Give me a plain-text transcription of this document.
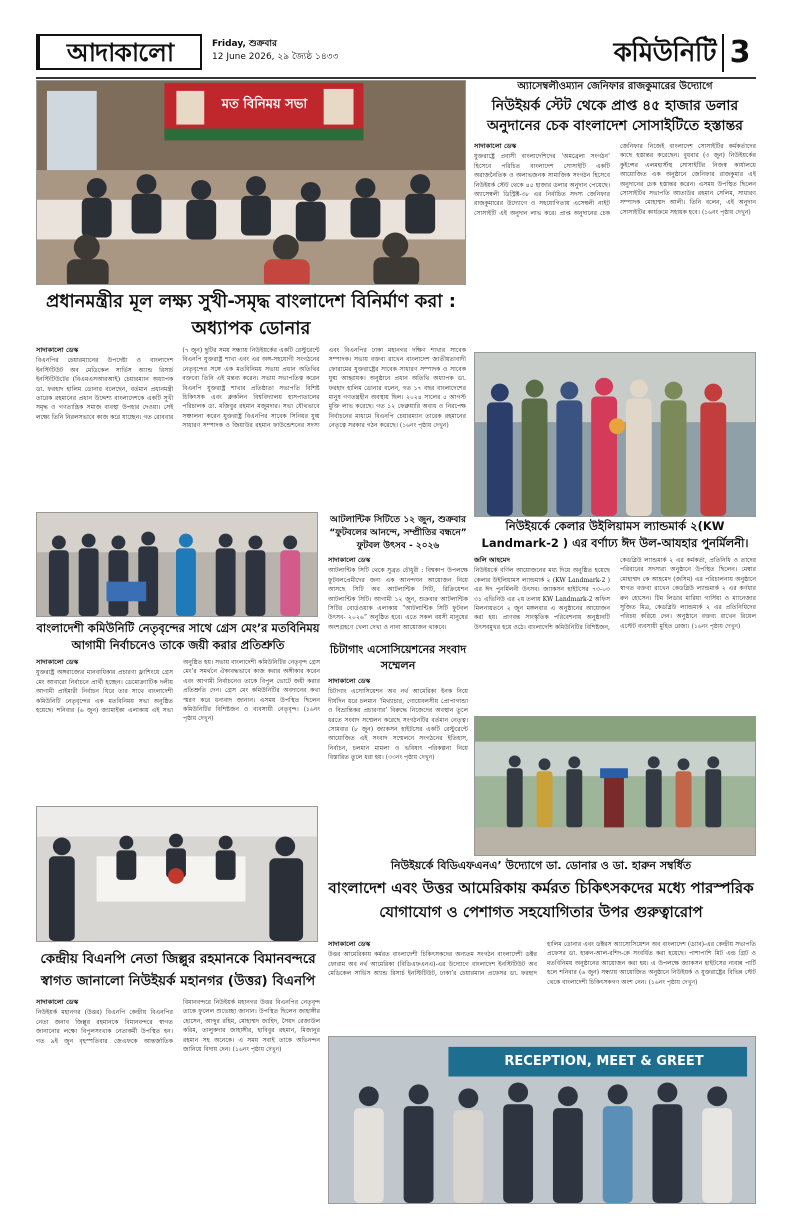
আদাকালো	Friday, শুক্রবার
12 June 2026, ২৯ জ্যৈষ্ঠ ১৪৩৩	কমিউনিটি 3
মত বিনিময় সভা
অ্যাসেম্বলীওম্যান জেনিফার রাজকুমারের উদ্যোগে
নিউইয়র্ক স্টেট থেকে প্রাপ্ত ৪৫ হাজার ডলার অনুদানের চেক বাংলাদেশ সোসাইটিতে হস্তান্তর
সাদাকালো ডেস্ক
যুক্তরাষ্ট্রে প্রবাসী বাংলাদেশিদের ‘অমব্রেলা সংগঠন’ হিসেবে পরিচিত বাংলাদেশ সোসাইটি একটি অরাজনৈতিক ও অলাভজনক সামাজিক সংগঠন হিসেবে নিউইয়র্ক স্টেট থেকে ৪৫ হাজার ডলার অনুদান পেয়েছে। অ্যাসেম্বলী ডিস্ট্রিক্ট-৩৮ এর নির্বাচিত সদস্য জেনিফার রাজকুমারের উদ্যোগে ও সহযোগিতায় এসেম্বলী নাইট সোসাইটি এই অনুদান লাভ করে। প্রাপ্ত অনুদানের চেক জেনিফার নিজেই বাংলাদেশ সোসাইটির কর্মকর্তাদের কাছে হস্তান্তর করেছেন। বুধবার (৩ জুন) নিউইয়র্কের কুইন্সের এলমহার্স্টস্থ সোসাইটির নিজস্ব কার্যালয়ে আয়োজিত এক অনুষ্ঠানে জেনিফার রাজকুমার এই অনুদানের চেক হস্তান্তর করেন। এসময় উপস্থিত ছিলেন সোসাইটির সভাপতি আতাউর রহমান সেলিম, সাধারণ সম্পাদক মোহাম্মদ আলী। তিনি বলেন, এই অনুদান সোসাইটির কার্যক্রমে সহায়ক হবে। (১৬নং পৃষ্ঠায় দেখুন)
প্রধানমন্ত্রীর মূল লক্ষ্য সুখী-সমৃদ্ধ বাংলাদেশ বিনির্মাণ করা : অধ্যাপক ডোনার
সাদাকালো ডেস্ক
বিএনপির চেয়ারম্যানের উপদেষ্টা ও বাংলাদেশ ইনস্টিটিউট অব মেডিকেল সার্ভিস অ্যান্ড রিসার্চ ইনস্টিটিউটের (বিএমএসআরআই) চেয়ারম্যান অধ্যাপক ডা. ফরহাদ হালিম ডোনার বলেছেন, বর্তমান প্রধানমন্ত্রী তারেক রহমানের প্রধান উদ্দেশ্য বাংলাদেশকে একটি সুখী সমৃদ্ধ ও গণতান্ত্রিক সমাজ ব্যবস্থা উপহার দেওয়া। সেই লক্ষ্যে তিনি নিরলসভাবে কাজ করে যাচ্ছেন। গত রোববার (৭ জুন) ছুটির সময় সন্ধ্যায় নিউইয়র্কের একটি রেস্টুরেন্টে বিএনপি যুক্তরাষ্ট্র শাখা এবং এর অঙ্গ-সহযোগী সংগঠনের নেতৃবৃন্দের সঙ্গে এক মতবিনিময় সভায় প্রধান অতিথির বক্তব্যে তিনি এই মন্তব্য করেন। সভায় সভাপতিত্ব করেন বিএনপি যুক্তরাষ্ট্র শাখার প্রতিষ্ঠাতা সভাপতি বিশিষ্ট চিকিৎসক এবং ব্রুকলিন বিশ্ববিদ্যালয় হাসপাতালের পরিচালক ডা. মজিবুর রহমান মজুমদার। সভা যৌথভাবে সঞ্চালনা করেন যুক্তরাষ্ট্র বিএনপির সাবেক সিনিয়র যুগ্ম সাধারণ সম্পাদক ও জিয়াউর রহমান ফাউন্ডেশনের সদস্য এবং বিএনপির ঢাকা মহানগর দক্ষিণ শাখার সাবেক সম্পাদক। সভায় বক্তব্য রাখেন বাংলাদেশ জাতীয়তাবাদী ফোরামের যুক্তরাষ্ট্রের সাবেক সাধারণ সম্পাদক ও সাবেক যুগ্ম আহ্বায়ক। অনুষ্ঠানে প্রধান অতিথি অধ্যাপক ডা. ফরহাদ হালিম ডোনার বলেন, গত ১৭ বছর বাংলাদেশের মানুষ গণতন্ত্রহীন অবস্থায় ছিল। ২০২৪ সালের ৫ আগস্ট মুক্তি লাভ করেছে। গত ১২ ফেব্রুয়ারি অবাধ ও নিরপেক্ষ নির্বাচনের মাধ্যমে বিএনপি চেয়ারম্যান তারেক রহমানের নেতৃত্বে সরকার গঠন করেছে। (১৬নং পৃষ্ঠায় দেখুন)
আটলান্টিক সিটিতে ১২ জুন, শুক্রবার “ফুটবলের আনন্দে, সম্প্রীতির বন্ধনে” ফুটবল উৎসব - ২০২৬
সাদাকালো ডেস্ক
আটলান্টিক সিটি থেকে সুব্রত চৌধুরী : বিশ্বকাপ উপলক্ষে ফুটবলপ্রেমীদের জন্য এক আনন্দঘন আয়োজন নিয়ে আসছে সিটি অব আটলান্টিক সিটি, রিক্রিয়েশন আটলান্টিক সিটি। আগামী ১২ জুন, শুক্রবার আটলান্টিক সিটির বোর্ডওয়াক এলাকায় “আটলান্টিক সিটি ফুটবল উৎসব- ২০২৬” অনুষ্ঠিত হবে। এতে সকল বয়সী মানুষের অংশগ্রহণে খেলা দেখা ও নানা আয়োজন থাকবে।
নিউইয়র্কে কেলার উইলিয়ামস ল্যান্ডমার্ক ২(KW Landmark-2 ) এর বর্ণাঢ্য ঈদ উল-আযহার পুনর্মিলনী।
জলি আহমেদ
নিউইয়র্কে বর্ণিল আয়োজনের মধ্য দিয়ে অনুষ্ঠিত হয়েছে কেলার উইলিয়ামস ল্যান্ডমার্ক ২ (KW Landmark-2 ) এর ঈদ পুনর্মিলনী উৎসব। জ্যাকসন হাইটসের ৭৩-০৩ ৩১ এভিনিউ এর ২য় তলায় KW Landmark-2 অফিস মিলনায়তনে ২ জুন মঙ্গলবার এ অনুষ্ঠানের আয়োজন করা হয়। প্রাণবন্ত সাংস্কৃতিক পরিবেশনায় অনুষ্ঠানটি উৎসবমুখর হয়ে ওঠে। বাংলাদেশি কমিউনিটির বিশিষ্টজন, কেডব্লিউ ল্যান্ডমার্ক ২ এর কর্মকর্তা, প্রতিনিধি ও তাদের পরিবারের সদস্যরা অনুষ্ঠানে উপস্থিত ছিলেন। মেম্বার মোহাম্মদ কে আহমেদ (জসিম) এর পরিচালনায় অনুষ্ঠানে স্বাগত বক্তব্য রাখেন কেডব্লিউ ল্যান্ডমার্ক ২ এর কর্ণধার রুন হোসেন। টিম লিডার মারিয়া গার্সিয়া ও ম্যানেজার সুজিত মিত্র, কেডব্লিউ ল্যান্ডমার্ক ২ এর প্রতিনিধিদের পরিচয় করিয়ে দেন। অনুষ্ঠানে বক্তব্য রাখেন রিয়েল এস্টেট ব্যবসায়ী মুহিত রেজা। (১৬নং পৃষ্ঠায় দেখুন)
বাংলাদেশী কমিউনিটি নেতৃবৃন্দের সাথে গ্রেস মেং’র মতবিনিময় আগামী নির্বাচনেও তাকে জয়ী করার প্রতিশ্রুতি
সাদাকালো ডেস্ক
যুক্তরাষ্ট্র অঙ্গরাজ্যের মানবাধিকার প্রচারণা ফ্লাশিংয়ে গ্রেস মেং আবারো নির্বাচনে প্রার্থী হচ্ছেন। ডেমোক্র্যাটিক দলীয় আগামী প্রাইমারী নির্বাচন ঘিরে তার সাথে বাংলাদেশী কমিউনিটি নেতৃবৃন্দের এক মতবিনিময় সভা অনুষ্ঠিত হয়েছে। শনিবার (৬ জুন) জ্যামাইকা এলাকায় এই সভা অনুষ্ঠিত হয়। সভায় বাংলাদেশী কমিউনিটির নেতৃবৃন্দ গ্রেস মেং’র সমর্থনে ঐক্যবদ্ধভাবে কাজ করার অঙ্গীকার করেন এবং আগামী নির্বাচনেও তাকে বিপুল ভোটে জয়ী করার প্রতিশ্রুতি দেন। গ্রেস মেং কমিউনিটির অবদানের কথা স্মরণ করে ধন্যবাদ জানান। এসময় উপস্থিত ছিলেন কমিউনিটির বিশিষ্টজন ও ব্যবসায়ী নেতৃবৃন্দ। (১৬নং পৃষ্ঠায় দেখুন)
চিটাগাং এসোসিয়েশনের সংবাদ সম্মেলন
সাদাকালো ডেস্ক
চিটাগাং এসোসিয়েশন অব নর্থ আমেরিকা ইনক নিয়ে দীর্ঘদিন ধরে চলমান ‘মিথ্যাচার, গোয়েবলসীয় প্রোপাগান্ডা ও বিভ্রান্তিকর প্রচারণার’ বিরুদ্ধে নিজেদের অবস্থান তুলে ধরতে সংবাদ সম্মেলন করেছে সংগঠনটির বর্তমান নেতৃত্ব। সোমবার (৮ জুন) জ্যাকসন হাইটসের একটি রেস্টুরেন্টে আয়োজিত এই সংবাদ সম্মেলনে সংগঠনের ইতিহাস, নির্বাচন, চলমান মামলা ও ভবিষ্যৎ পরিকল্পনা নিয়ে বিস্তারিত তুলে ধরা হয়। (৩৩নং পৃষ্ঠায় দেখুন)
নিউইয়র্কে বিডিএফএনএ’ উদ্যোগে ডা. ডোনার ও ডা. হারুন সম্বর্ধিত
বাংলাদেশ এবং উত্তর আমেরিকায় কর্মরত চিকিৎসকদের মধ্যে পারস্পরিক যোগাযোগ ও পেশাগত সহযোগিতার উপর গুরুত্বারোপ
কেন্দ্রীয় বিএনপি নেতা জিল্লুর রহমানকে বিমানবন্দরে স্বাগত জানালো নিউইয়র্ক মহানগর (উত্তর) বিএনপি
সাদাকালো ডেস্ক
নিউইয়র্ক মহানগর (উত্তর) বিএনপি কেন্দ্রীয় বিএনপির নেতা জনাব জিল্লুর রহমানকে বিমানবন্দরে স্বাগত জানানোর লক্ষ্যে বিপুলসংখ্যক নেতাকর্মী উপস্থিত হন। গত ৯ই জুন বৃহস্পতিবার জেএফকে আন্তর্জাতিক বিমানবন্দরে নিউইয়র্ক মহানগর উত্তর বিএনপির নেতৃবৃন্দ তাকে ফুলেল শুভেচ্ছা জানান। উপস্থিত ছিলেন জাহাঙ্গীর হোসেন, আব্দুর রহিম, মোহাম্মদ জাহিদ, সৈয়দ রেজাউল করিম, তালুকদার জাহাঙ্গীর, হাবিবুর রহমান, মিজানুর রহমান সহ অনেকে। এ সময় সবাই তাকে অভিনন্দন জানিয়ে বিদায় দেন। (১৬নং পৃষ্ঠায় দেখুন)
সাদাকালো ডেস্ক
উত্তর আমেরিকায় কর্মরত বাংলাদেশী চিকিৎসকদের অন্যতম সংগঠন বাংলাদেশী ডক্টর ফোরাম অব নর্থ আমেরিকা (বিডিএফএনএ)-এর উদ্যোগে বাংলাদেশ ইনস্টিটিউট অব মেডিকেল সার্ভিস অ্যান্ড রিসার্চ ইনস্টিটিউট, ঢাকা’র চেয়ারম্যান প্রফেসর ডা. ফরহাদ হালিম ডোনার এবং ডক্টরস অ্যাসোসিয়েশন অব বাংলাদেশ (ড্যাব)-এর কেন্দ্রীয় সভাপতি প্রফেসর ডা. হারুন-আল-রশিদ-কে সংবর্ধিত করা হয়েছে। পাশাপাশি মিট এন্ড গ্রিট ও মতবিনিময় অনুষ্ঠানের আয়োজন করা হয়। এ উপলক্ষে জ্যাকসন হাইটসের নাবান্ন পার্টি হলে শনিবার (৬ জুন) সন্ধ্যায় আয়োজিত অনুষ্ঠানে নিউইয়র্ক ও যুক্তরাষ্ট্রের বিভিন্ন স্টেট থেকে বাংলাদেশী চিকিৎসকগণ অংশ নেন। (১৬নং পৃষ্ঠায় দেখুন)
RECEPTION, MEET & GREET
